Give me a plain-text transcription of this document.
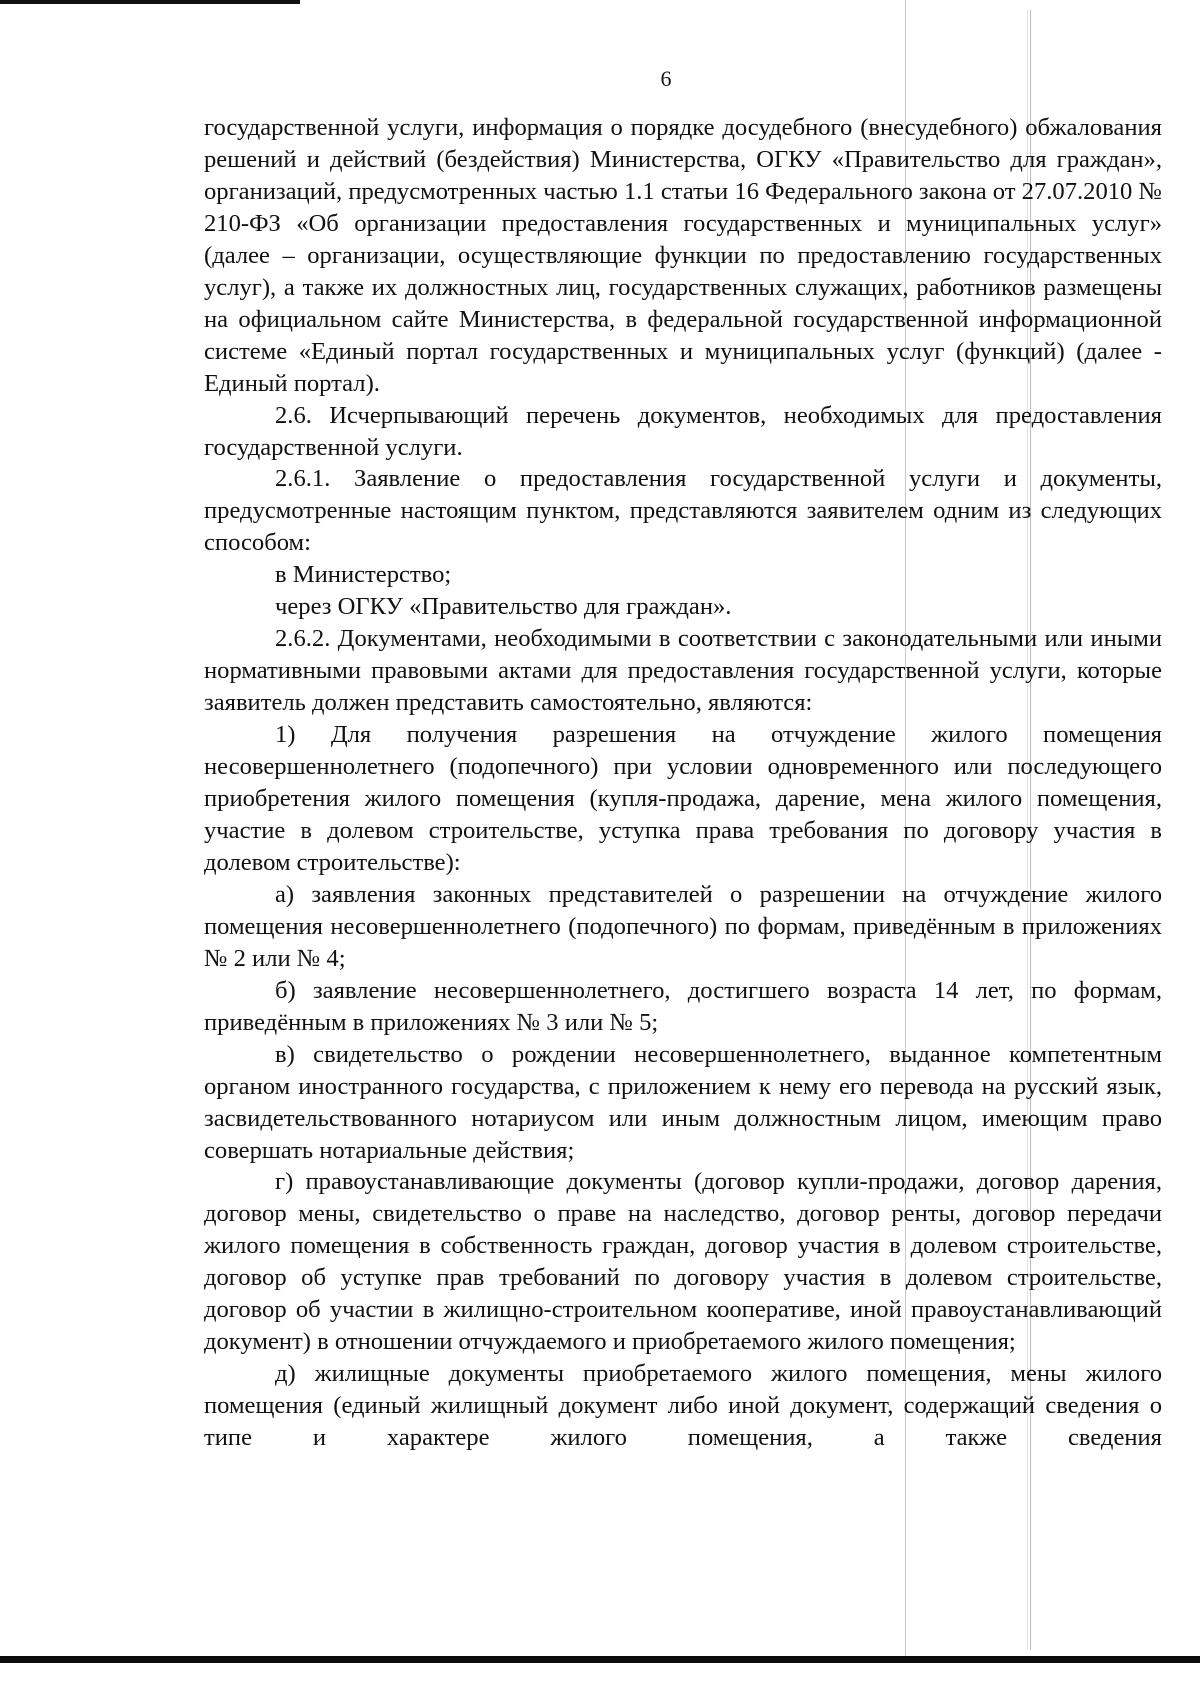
6

государственной услуги, информация о порядке досудебного (внесудебного) обжалования решений и действий (бездействия) Министерства, ОГКУ «Правительство для граждан», организаций, предусмотренных частью 1.1 статьи 16 Федерального закона от 27.07.2010 № 210-ФЗ «Об организации предоставления государственных и муниципальных услуг» (далее – организации, осуществляющие функции по предоставлению государственных услуг), а также их должностных лиц, государственных служащих, работников размещены на официальном сайте Министерства, в федеральной государственной информационной системе «Единый портал государственных и муниципальных услуг (функций) (далее - Единый портал).

2.6. Исчерпывающий перечень документов, необходимых для предоставления государственной услуги.

2.6.1. Заявление о предоставления государственной услуги и документы, предусмотренные настоящим пунктом, представляются заявителем одним из следующих способом:

в Министерство;

через ОГКУ «Правительство для граждан».

2.6.2. Документами, необходимыми в соответствии с законодательными или иными нормативными правовыми актами для предоставления государственной услуги, которые заявитель должен представить самостоятельно, являются:

1) Для получения разрешения на отчуждение жилого помещения несовершеннолетнего (подопечного) при условии одновременного или последующего приобретения жилого помещения (купля-продажа, дарение, мена жилого помещения, участие в долевом строительстве, уступка права требования по договору участия в долевом строительстве):

а) заявления законных представителей о разрешении на отчуждение жилого помещения несовершеннолетнего (подопечного) по формам, приведённым в приложениях № 2 или № 4;

б) заявление несовершеннолетнего, достигшего возраста 14 лет, по формам, приведённым в приложениях № 3 или № 5;

в) свидетельство о рождении несовершеннолетнего, выданное компетентным органом иностранного государства, с приложением к нему его перевода на русский язык, засвидетельствованного нотариусом или иным должностным лицом, имеющим право совершать нотариальные действия;

г) правоустанавливающие документы (договор купли-продажи, договор дарения, договор мены, свидетельство о праве на наследство, договор ренты, договор передачи жилого помещения в собственность граждан, договор участия в долевом строительстве, договор об уступке прав требований по договору участия в долевом строительстве, договор об участии в жилищно-строительном кооперативе, иной правоустанавливающий документ) в отношении отчуждаемого и приобретаемого жилого помещения;

д) жилищные документы приобретаемого жилого помещения, мены жилого помещения (единый жилищный документ либо иной документ, содержащий сведения о типе и характере жилого помещения, а также сведения
